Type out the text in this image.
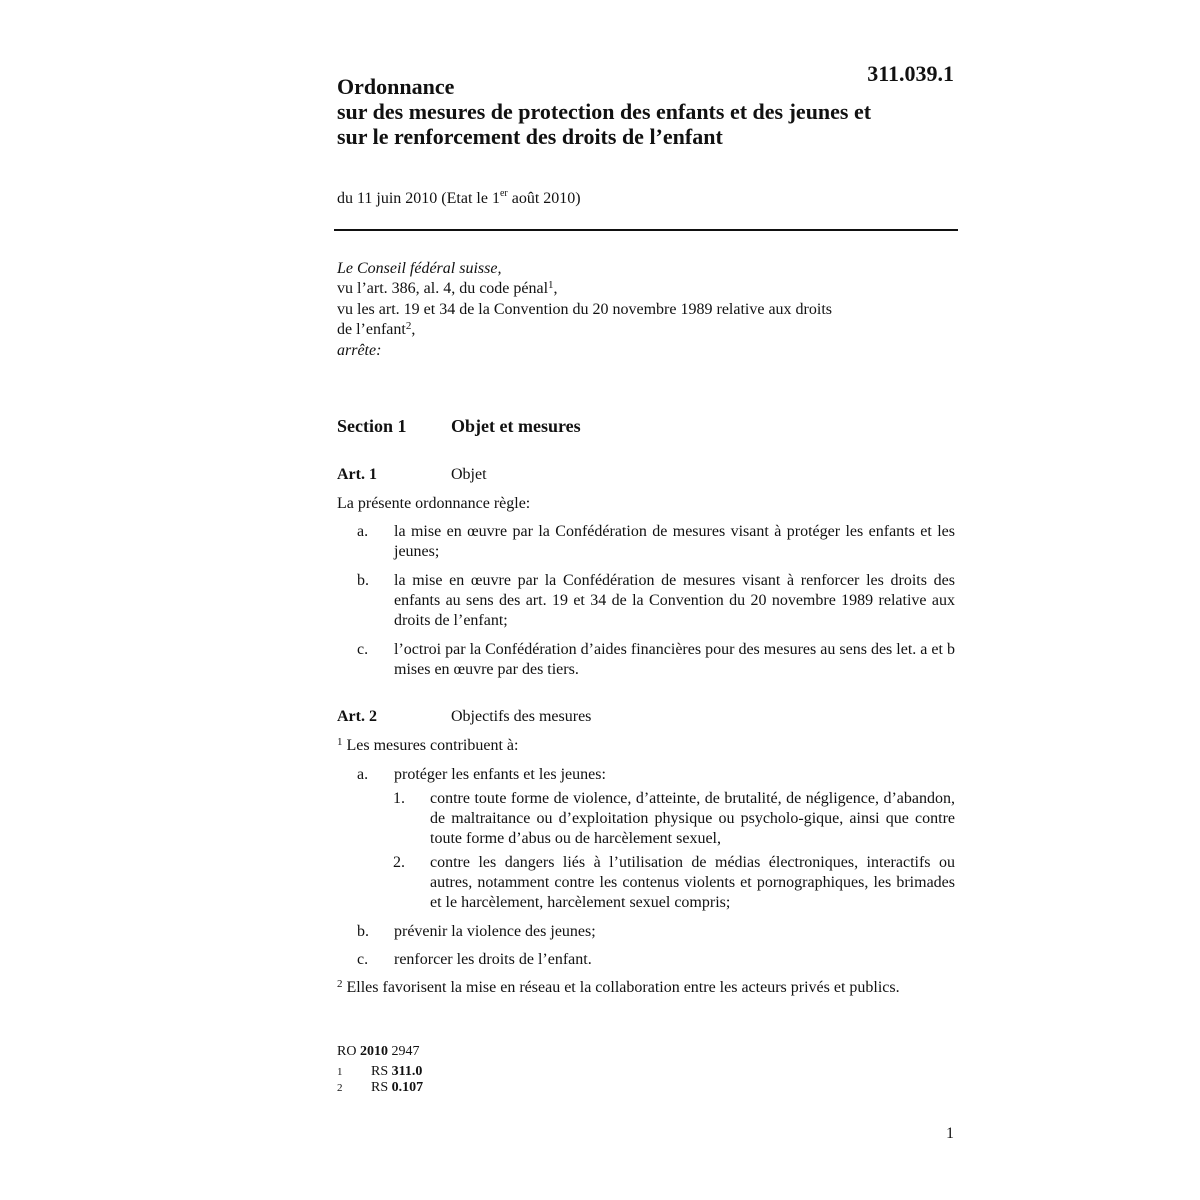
311.039.1
Ordonnance
sur des mesures de protection des enfants et des jeunes et
sur le renforcement des droits de l’enfant
du 11 juin 2010 (Etat le 1er août 2010)
Le Conseil fédéral suisse,
vu l’art. 386, al. 4, du code pénal$^1$,
vu les art. 19 et 34 de la Convention du 20 novembre 1989 relative aux droits
de l’enfant$^2$,
arrête:
Section 1 Objet et mesures
Art. 1	Objet
La présente ordonnance règle:
a.	la mise en œuvre par la Confédération de mesures visant à protéger les enfants et les jeunes;
b.	la mise en œuvre par la Confédération de mesures visant à renforcer les droits des enfants au sens des art. 19 et 34 de la Convention du 20 novembre 1989 relative aux droits de l’enfant;
c.	l’octroi par la Confédération d’aides financières pour des mesures au sens des let. a et b mises en œuvre par des tiers.
Art. 2	Objectifs des mesures
$^1$ Les mesures contribuent à:
a.	protéger les enfants et les jeunes:
1.	contre toute forme de violence, d’atteinte, de brutalité, de négligence, d’abandon, de maltraitance ou d’exploitation physique ou psycholo-gique, ainsi que contre toute forme d’abus ou de harcèlement sexuel,
2.	contre les dangers liés à l’utilisation de médias électroniques, interactifs ou autres, notamment contre les contenus violents et pornographiques, les brimades et le harcèlement, harcèlement sexuel compris;
b.	prévenir la violence des jeunes;
c.	renforcer les droits de l’enfant.
$^2$ Elles favorisent la mise en réseau et la collaboration entre les acteurs privés et publics.
RO 2010 2947
1 RS 311.0
2 RS 0.107
1
